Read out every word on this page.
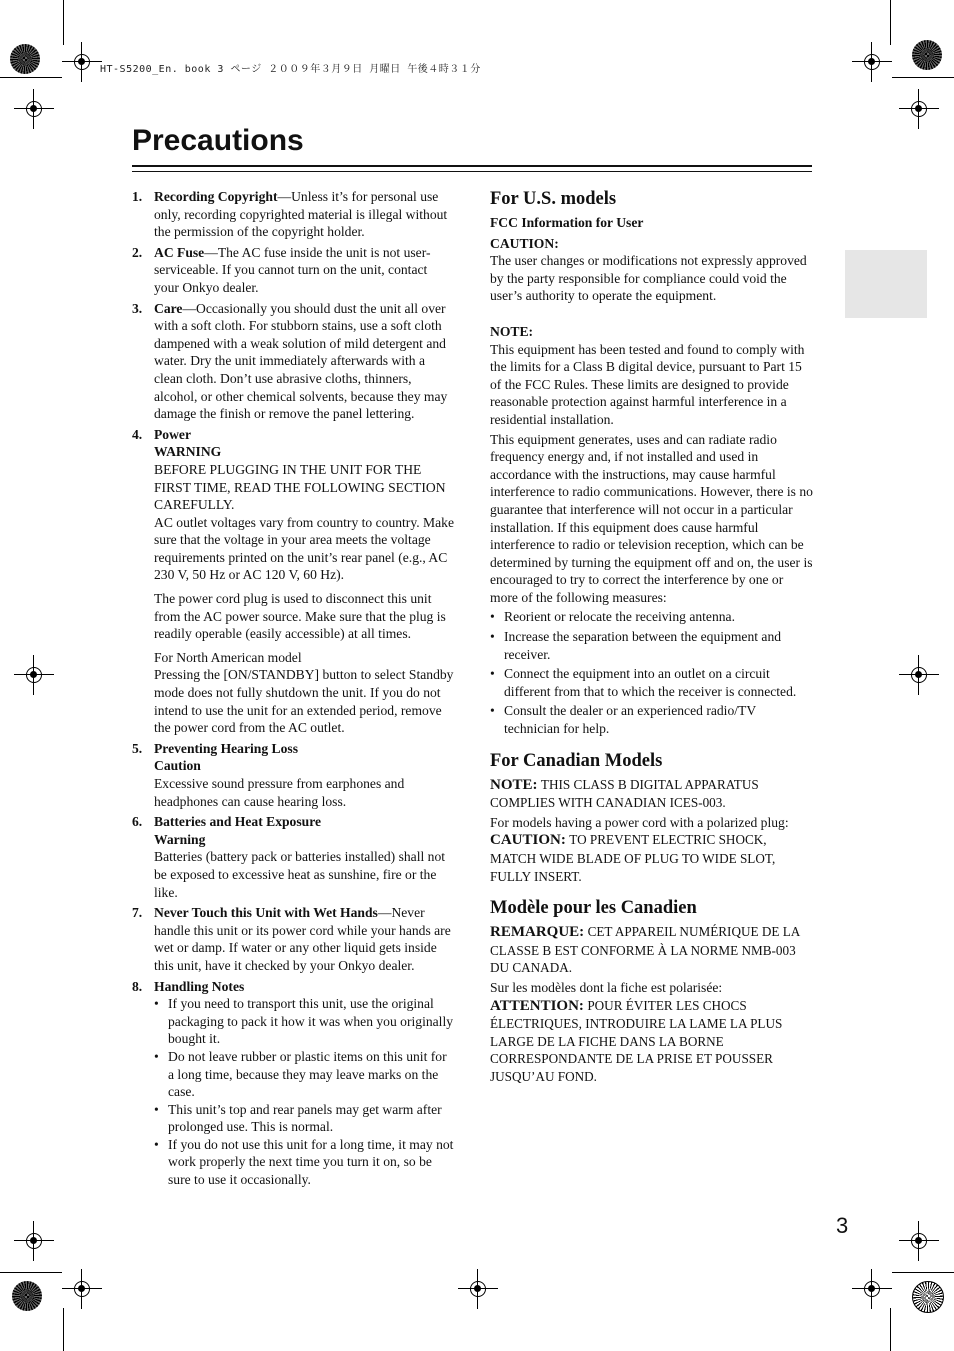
HT-S5200_En. book 3 ページ ２００９年３月９日 月曜日 午後４時３１分
Precautions
3
1. Recording Copyright—Unless it’s for personal use only, recording copyrighted material is illegal without the permission of the copyright holder.
2. AC Fuse—The AC fuse inside the unit is not user-serviceable. If you cannot turn on the unit, contact your Onkyo dealer.
3. Care—Occasionally you should dust the unit all over with a soft cloth. For stubborn stains, use a soft cloth dampened with a weak solution of mild detergent and water. Dry the unit immediately afterwards with a clean cloth. Don’t use abrasive cloths, thinners, alcohol, or other chemical solvents, because they may damage the finish or remove the panel lettering.
4. Power
WARNING
BEFORE PLUGGING IN THE UNIT FOR THE FIRST TIME, READ THE FOLLOWING SECTION CAREFULLY.
AC outlet voltages vary from country to country. Make sure that the voltage in your area meets the voltage requirements printed on the unit’s rear panel (e.g., AC 230 V, 50 Hz or AC 120 V, 60 Hz).
The power cord plug is used to disconnect this unit from the AC power source. Make sure that the plug is readily operable (easily accessible) at all times.
For North American model
Pressing the [ON/STANDBY] button to select Standby mode does not fully shutdown the unit. If you do not intend to use the unit for an extended period, remove the power cord from the AC outlet.
5. Preventing Hearing Loss
Caution
Excessive sound pressure from earphones and headphones can cause hearing loss.
6. Batteries and Heat Exposure
Warning
Batteries (battery pack or batteries installed) shall not be exposed to excessive heat as sunshine, fire or the like.
7. Never Touch this Unit with Wet Hands—Never handle this unit or its power cord while your hands are wet or damp. If water or any other liquid gets inside this unit, have it checked by your Onkyo dealer.
8. Handling Notes
• If you need to transport this unit, use the original packaging to pack it how it was when you originally bought it.
• Do not leave rubber or plastic items on this unit for a long time, because they may leave marks on the case.
• This unit’s top and rear panels may get warm after prolonged use. This is normal.
• If you do not use this unit for a long time, it may not work properly the next time you turn it on, so be sure to use it occasionally.
For U.S. models
FCC Information for User
CAUTION:
The user changes or modifications not expressly approved by the party responsible for compliance could void the user’s authority to operate the equipment.
NOTE:
This equipment has been tested and found to comply with the limits for a Class B digital device, pursuant to Part 15 of the FCC Rules. These limits are designed to provide reasonable protection against harmful interference in a residential installation.
This equipment generates, uses and can radiate radio frequency energy and, if not installed and used in accordance with the instructions, may cause harmful interference to radio communications. However, there is no guarantee that interference will not occur in a particular installation. If this equipment does cause harmful interference to radio or television reception, which can be determined by turning the equipment off and on, the user is encouraged to try to correct the interference by one or more of the following measures:
• Reorient or relocate the receiving antenna.
• Increase the separation between the equipment and receiver.
• Connect the equipment into an outlet on a circuit different from that to which the receiver is connected.
• Consult the dealer or an experienced radio/TV technician for help.
For Canadian Models
NOTE: THIS CLASS B DIGITAL APPARATUS COMPLIES WITH CANADIAN ICES-003.
For models having a power cord with a polarized plug:
CAUTION: TO PREVENT ELECTRIC SHOCK, MATCH WIDE BLADE OF PLUG TO WIDE SLOT, FULLY INSERT.
Modèle pour les Canadien
REMARQUE: CET APPAREIL NUMÉRIQUE DE LA CLASSE B EST CONFORME À LA NORME NMB-003 DU CANADA.
Sur les modèles dont la fiche est polarisée:
ATTENTION: POUR ÉVITER LES CHOCS ÉLECTRIQUES, INTRODUIRE LA LAME LA PLUS LARGE DE LA FICHE DANS LA BORNE CORRESPONDANTE DE LA PRISE ET POUSSER JUSQU’AU FOND.
